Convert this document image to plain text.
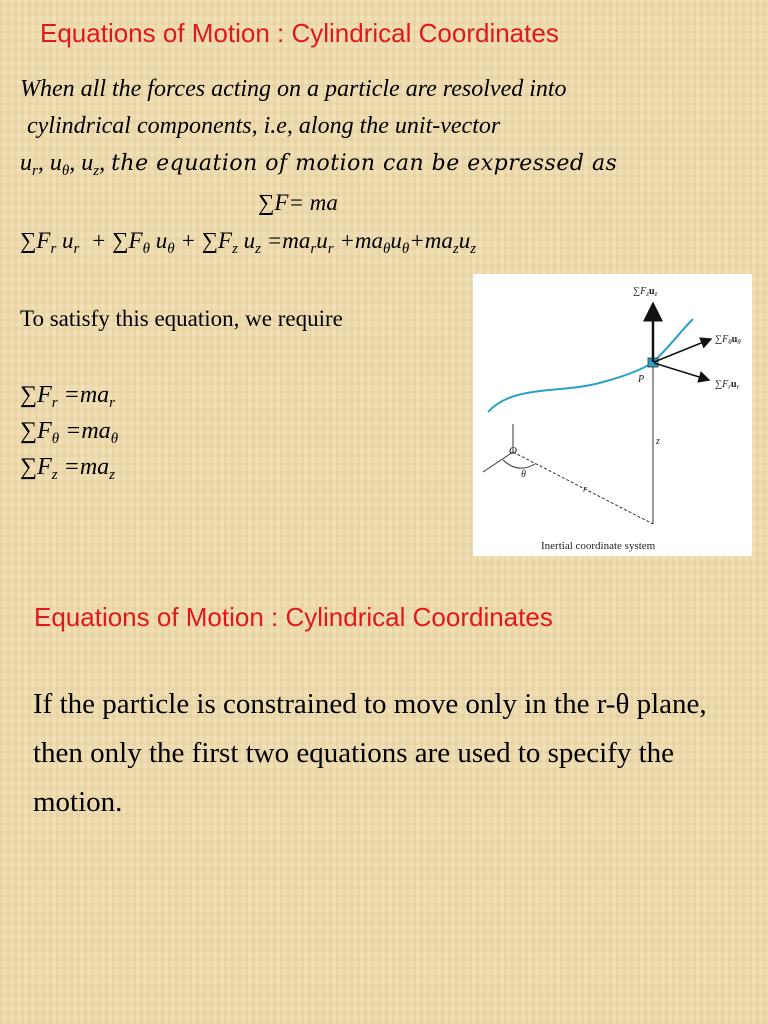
Equations of Motion : Cylindrical Coordinates
When all the forces acting on a particle are resolved into
cylindrical components, i.e, along the unit-vector
$u_r$, $u_\theta$, $u_z$, the equation of motion can be expressed as
∑F= ma
$\sum F_r$ $u_r + \sum F_\theta$ $u_\theta + \sum F_z$ $u_z =ma_ru_r +ma_\theta u_\theta+ma_zu_z$
To satisfy this equation, we require
$\sum F_r =ma_r$
$\sum F_\theta =ma_\theta$
$\sum F_z =ma_z$
$\sum F_zu_z$
$\sum F_\theta u_\theta$
$\sum F_ru_r$
P
O
θ
r
z
Inertial coordinate system
Equations of Motion : Cylindrical Coordinates
If the particle is constrained to move only in the r-θ plane, then only the first two equations are used to specify the motion.
